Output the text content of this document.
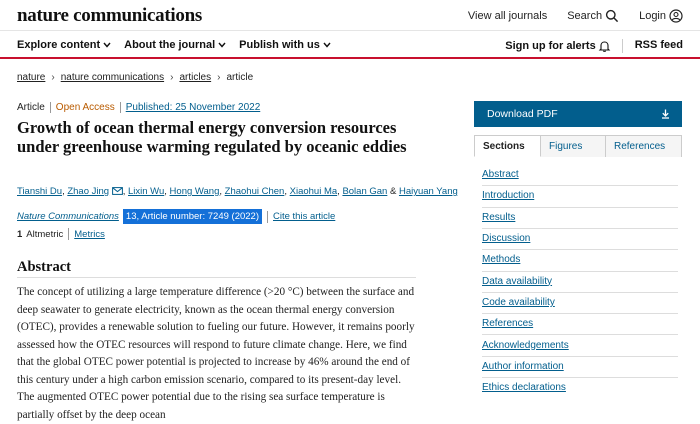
nature communications	View all journals Search	Login
Explore content About the journal Publish with us	Sign up for alerts	RSS feed
nature › nature communications › articles › article
Article Open Access Published: 25 November 2022
Growth of ocean thermal energy conversion resources under greenhouse warming regulated by oceanic eddies
Tianshi Du, Zhao Jing , Lixin Wu, Hong Wang, Zhaohui Chen, Xiaohui Ma, Bolan Gan & Haiyuan Yang
Nature Communications 13, Article number: 7249 (2022)	Cite this article
1 Altmetric Metrics
Abstract

The concept of utilizing a large temperature difference (>20 °C) between the surface and deep seawater to generate electricity, known as the ocean thermal energy conversion (OTEC), provides a renewable solution to fueling our future. However, it remains poorly assessed how the OTEC resources will respond to future climate change. Here, we find that the global OTEC power potential is projected to increase by 46% around the end of this century under a high carbon emission scenario, compared to its present-day level. The augmented OTEC power potential due to the rising sea surface temperature is partially offset by the deep ocean

Download PDF
Sections	Figures	References
Abstract
Introduction
Results
Discussion
Methods
Data availability
Code availability
References
Acknowledgements
Author information
Ethics declarations
